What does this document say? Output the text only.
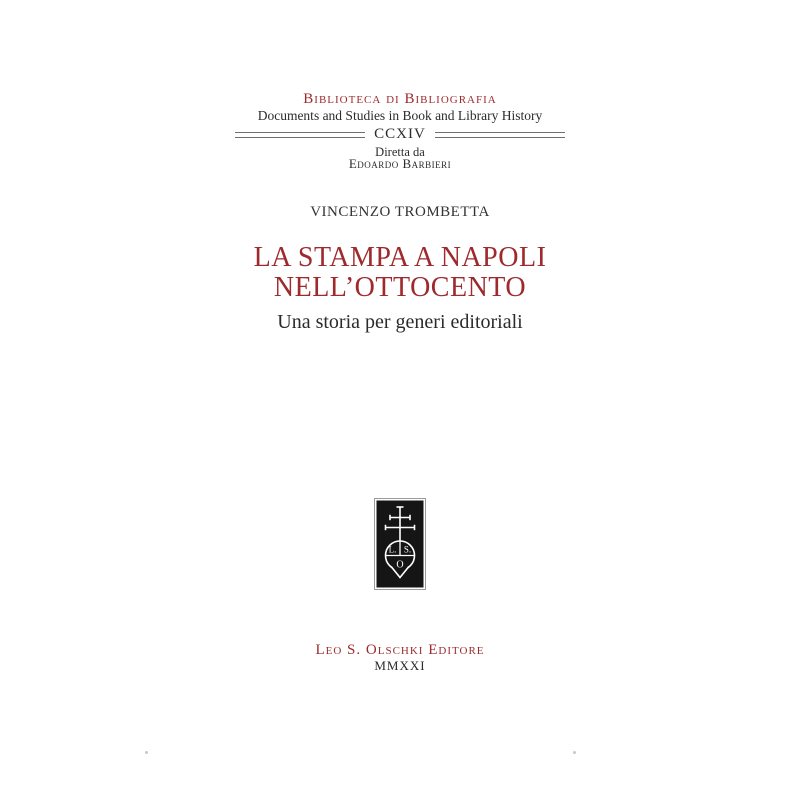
Biblioteca di Bibliografia
Documents and Studies in Book and Library History
CCXIV
Diretta da
Edoardo Barbieri
VINCENZO TROMBETTA
LA STAMPA A NAPOLI
NELL’OTTOCENTO
Una storia per generi editoriali
L. S.
O
Leo S. Olschki Editore
MMXXI
